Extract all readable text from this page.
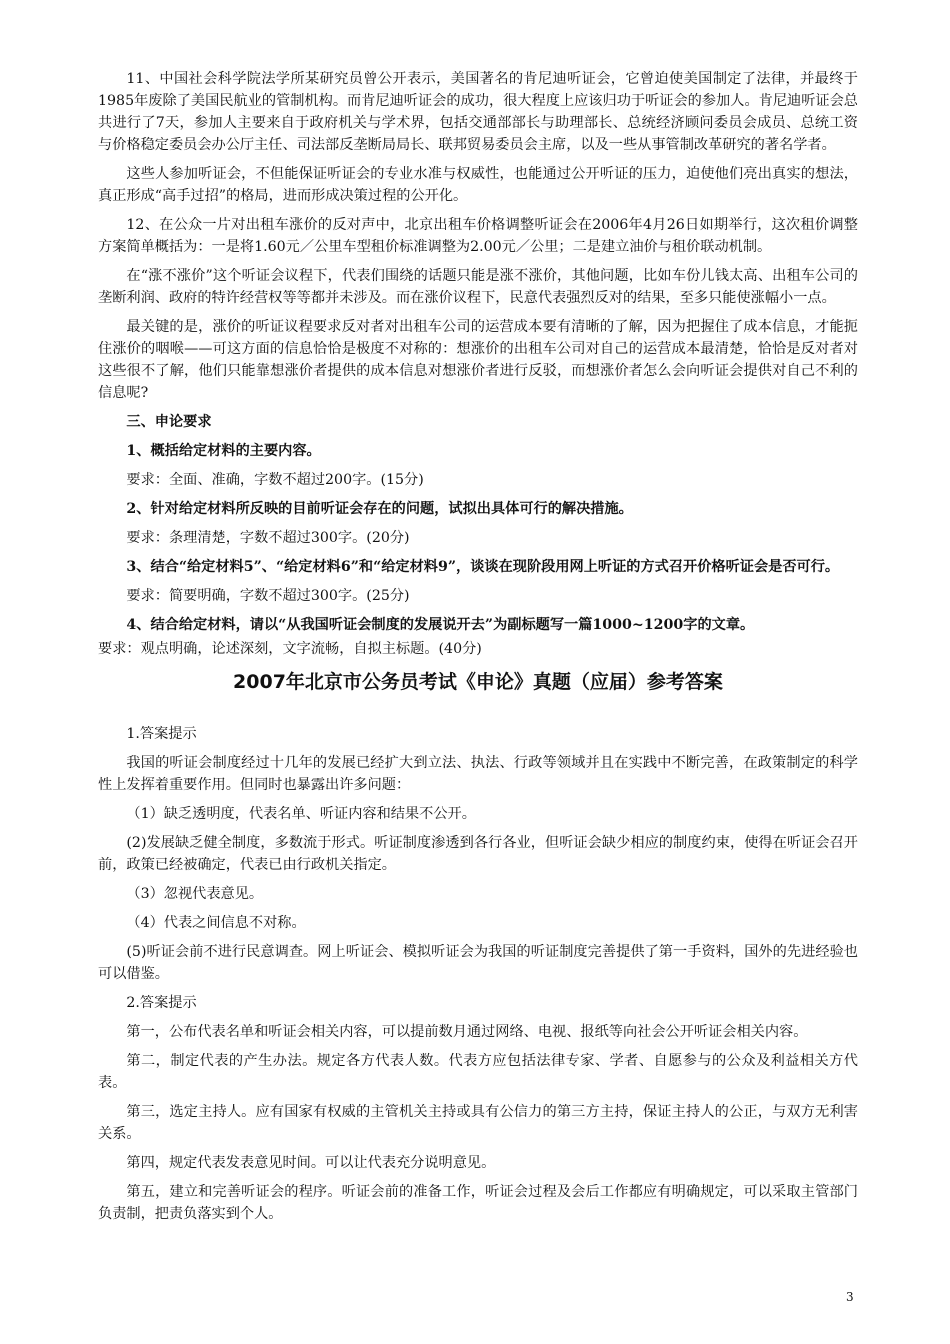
11、中国社会科学院法学所某研究员曾公开表示，美国著名的肯尼迪听证会，它曾迫使美国制定了法律，并最终于1985年废除了美国民航业的管制机构。而肯尼迪听证会的成功，很大程度上应该归功于听证会的参加人。肯尼迪听证会总共进行了7天，参加人主要来自于政府机关与学术界，包括交通部部长与助理部长、总统经济顾问委员会成员、总统工资与价格稳定委员会办公厅主任、司法部反垄断局局长、联邦贸易委员会主席，以及一些从事管制改革研究的著名学者。

这些人参加听证会，不但能保证听证会的专业水准与权威性，也能通过公开听证的压力，迫使他们亮出真实的想法，真正形成“高手过招”的格局，进而形成决策过程的公开化。

12、在公众一片对出租车涨价的反对声中，北京出租车价格调整听证会在2006年4月26日如期举行，这次租价调整方案简单概括为：一是将1.60元／公里车型租价标准调整为2.00元／公里；二是建立油价与租价联动机制。

在“涨不涨价”这个听证会议程下，代表们围绕的话题只能是涨不涨价，其他问题，比如车份儿钱太高、出租车公司的垄断利润、政府的特许经营权等等都并未涉及。而在涨价议程下，民意代表强烈反对的结果，至多只能使涨幅小一点。

最关键的是，涨价的听证议程要求反对者对出租车公司的运营成本要有清晰的了解，因为把握住了成本信息，才能扼住涨价的咽喉——可这方面的信息恰恰是极度不对称的：想涨价的出租车公司对自己的运营成本最清楚，恰恰是反对者对这些很不了解，他们只能靠想涨价者提供的成本信息对想涨价者进行反驳，而想涨价者怎么会向听证会提供对自己不利的信息呢?

三、申论要求

1、概括给定材料的主要内容。

要求：全面、准确，字数不超过200字。(15分)

2、针对给定材料所反映的目前听证会存在的问题，试拟出具体可行的解决措施。

要求：条理清楚，字数不超过300字。(20分)

3、结合“给定材料5”、“给定材料6”和“给定材料9”，谈谈在现阶段用网上听证的方式召开价格听证会是否可行。

要求：简要明确，字数不超过300字。(25分)

4、结合给定材料，请以“从我国听证会制度的发展说开去”为副标题写一篇1000~1200字的文章。

要求：观点明确，论述深刻，文字流畅，自拟主标题。(40分)

2007年北京市公务员考试《申论》真题（应届）参考答案

1.答案提示

我国的听证会制度经过十几年的发展已经扩大到立法、执法、行政等领域并且在实践中不断完善，在政策制定的科学性上发挥着重要作用。但同时也暴露出许多问题：

（1）缺乏透明度，代表名单、听证内容和结果不公开。

(2)发展缺乏健全制度，多数流于形式。听证制度渗透到各行各业，但听证会缺少相应的制度约束，使得在听证会召开前，政策已经被确定，代表已由行政机关指定。

（3）忽视代表意见。

（4）代表之间信息不对称。

(5)听证会前不进行民意调查。网上听证会、模拟听证会为我国的听证制度完善提供了第一手资料，国外的先进经验也可以借鉴。

2.答案提示

第一，公布代表名单和听证会相关内容，可以提前数月通过网络、电视、报纸等向社会公开听证会相关内容。

第二，制定代表的产生办法。规定各方代表人数。代表方应包括法律专家、学者、自愿参与的公众及利益相关方代表。

第三，选定主持人。应有国家有权威的主管机关主持或具有公信力的第三方主持，保证主持人的公正，与双方无利害关系。

第四，规定代表发表意见时间。可以让代表充分说明意见。

第五，建立和完善听证会的程序。听证会前的准备工作，听证会过程及会后工作都应有明确规定，可以采取主管部门负责制，把责负落实到个人。

3
